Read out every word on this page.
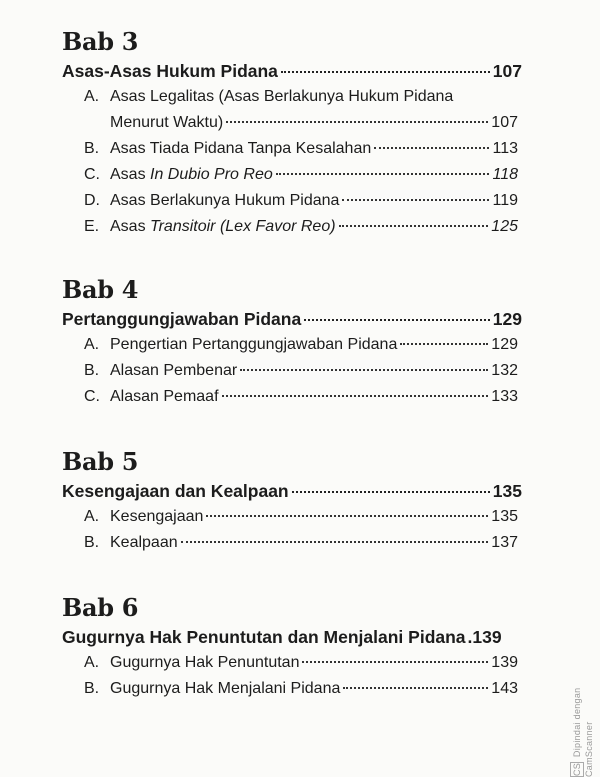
Bab 3
Asas-Asas Hukum Pidana	107
A. Asas Legalitas (Asas Berlakunya Hukum Pidana
Menurut Waktu)	107
B. Asas Tiada Pidana Tanpa Kesalahan	113
C. Asas In Dubio Pro Reo	118
D. Asas Berlakunya Hukum Pidana	119
E. Asas Transitoir (Lex Favor Reo)	125
Bab 4
Pertanggungjawaban Pidana	129
A. Pengertian Pertanggungjawaban Pidana	129
B. Alasan Pembenar	132
C. Alasan Pemaaf	133
Bab 5
Kesengajaan dan Kealpaan	135
A. Kesengajaan	135
B. Kealpaan	137
Bab 6
Gugurnya Hak Penuntutan dan Menjalani Pidana .139
A. Gugurnya Hak Penuntutan	139
B. Gugurnya Hak Menjalani Pidana	143
CS Dipindai dengan CamScanner
